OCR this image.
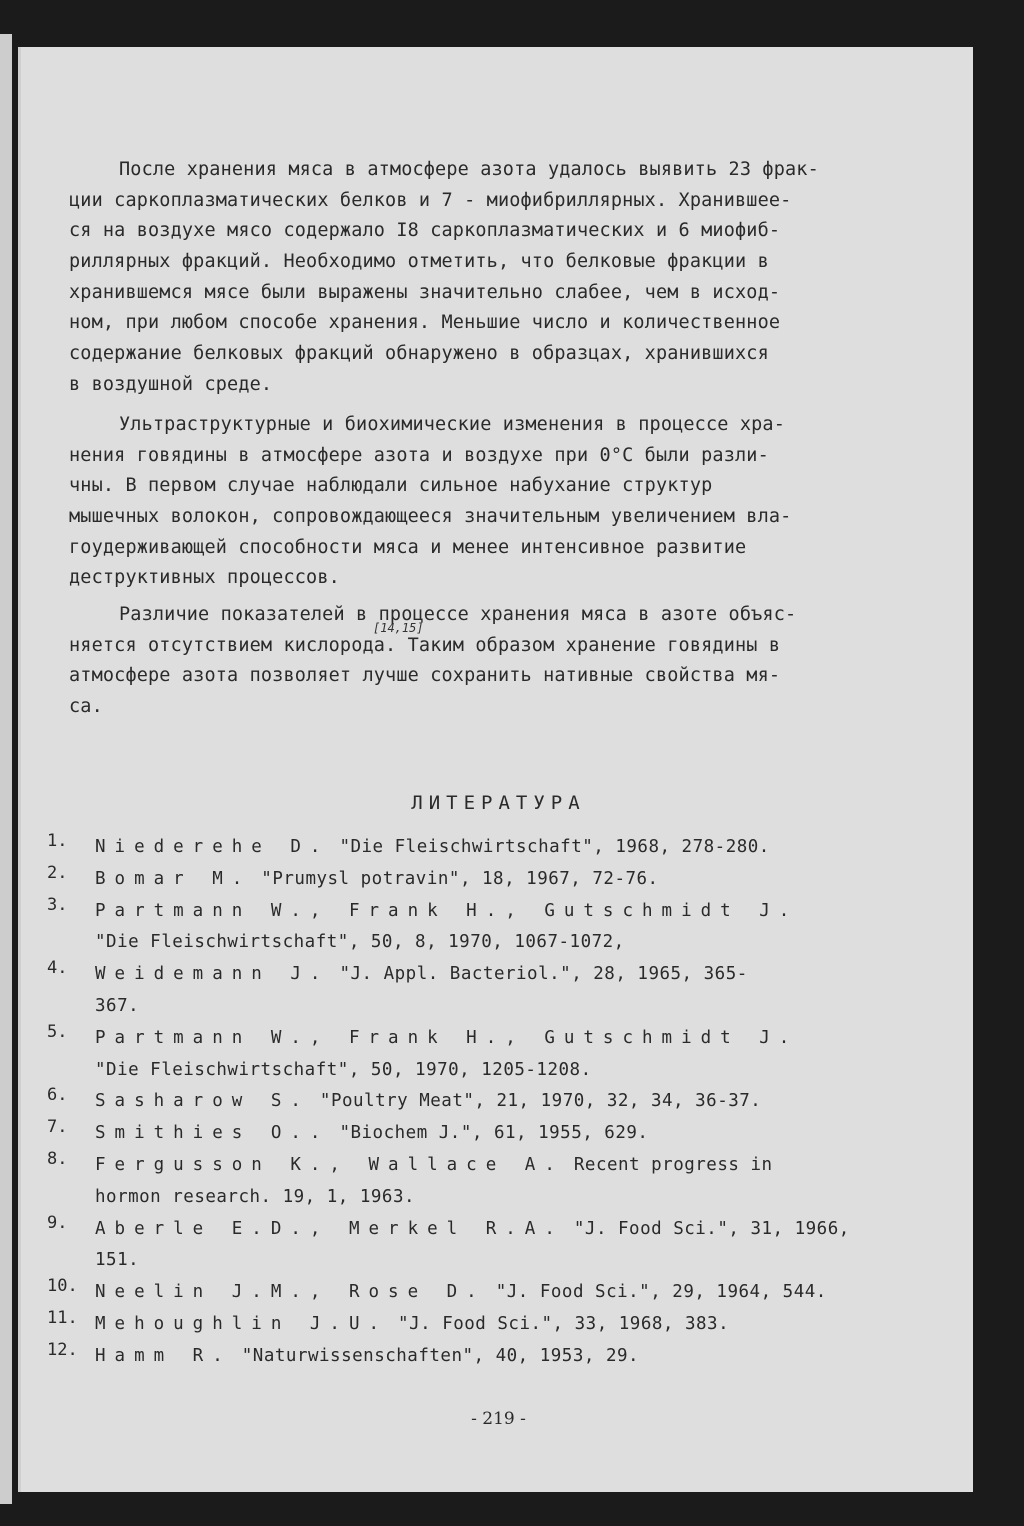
После хранения мяса в атмосфере азота удалось выявить 23 фрак-
ции саркоплазматических белков и 7 - миофибриллярных. Хранившее-
ся на воздухе мясо содержало I8 саркоплазматических и 6 миофиб-
риллярных фракций. Необходимо отметить, что белковые фракции в
хранившемся мясе были выражены значительно слабее, чем в исход-
ном, при любом способе хранения. Меньшие число и количественное
содержание белковых фракций обнаружено в образцах, хранившихся
в воздушной среде.
Ультраструктурные и биохимические изменения в процессе хра-
нения говядины в атмосфере азота и воздухе при 0°C были разли-
чны. В первом случае наблюдали сильное набухание структур
мышечных волокон, сопровождающееся значительным увеличением вла-
гоудерживающей способности мяса и менее интенсивное развитие
деструктивных процессов.
[14,15]
Различие показателей в процессе хранения мяса в азоте объяс-
няется отсутствием кислорода. Таким образом хранение говядины в
атмосфере азота позволяет лучше сохранить нативные свойства мя-
са.
ЛИТЕРАТУРА
1.	Niederehe D. "Die Fleischwirtschaft", 1968, 278-280.
2.	Bomar M. "Prumysl potravin", 18, 1967, 72-76.
3.	Partmann W., Frank H., Gutschmidt J.
"Die Fleischwirtschaft", 50, 8, 1970, 1067-1072,
4.	Weidemann J. "J. Appl. Bacteriol.", 28, 1965, 365-
367.
5.	Partmann W., Frank H., Gutschmidt J.
"Die Fleischwirtschaft", 50, 1970, 1205-1208.
6.	Sasharow S. "Poultry Meat", 21, 1970, 32, 34, 36-37.
7.	Smithies O.. "Biochem J.", 61, 1955, 629.
8.	Fergusson K., Wallace A. Recent progress in
hormon research. 19, 1, 1963.
9.	Aberle E.D., Merkel R.A. "J. Food Sci.", 31, 1966,
151.
10. Neelin J.M., Rose D. "J. Food Sci.", 29, 1964, 544.
11. Mehoughlin J.U. "J. Food Sci.", 33, 1968, 383.
12. Hamm R. "Naturwissenschaften", 40, 1953, 29.
- 219 -
